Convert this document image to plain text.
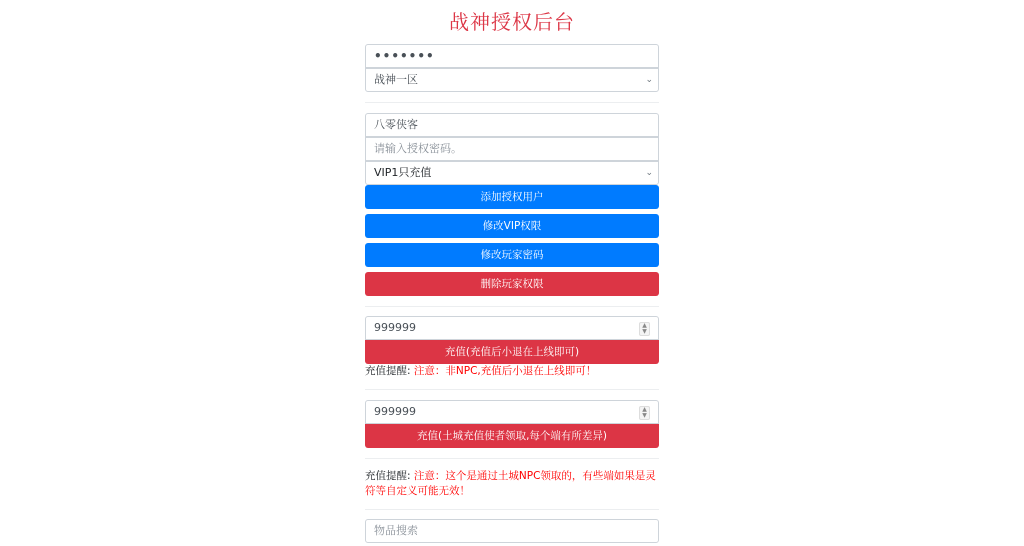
战神授权后台
•••••••
战神一区	⌄
八零侠客
请输入授权密码。
VIP1只充值	⌄
添加授权用户
修改VIP权限
修改玩家密码
删除玩家权限
999999	▲
▼
充值(充值后小退在上线即可)
充值提醒: 注意：非NPC,充值后小退在上线即可！
999999	▲
▼
充值(土城充值使者领取,每个端有所差异)
充值提醒: 注意：这个是通过土城NPC领取的，有些端如果是灵符等自定义可能无效！
物品搜索
